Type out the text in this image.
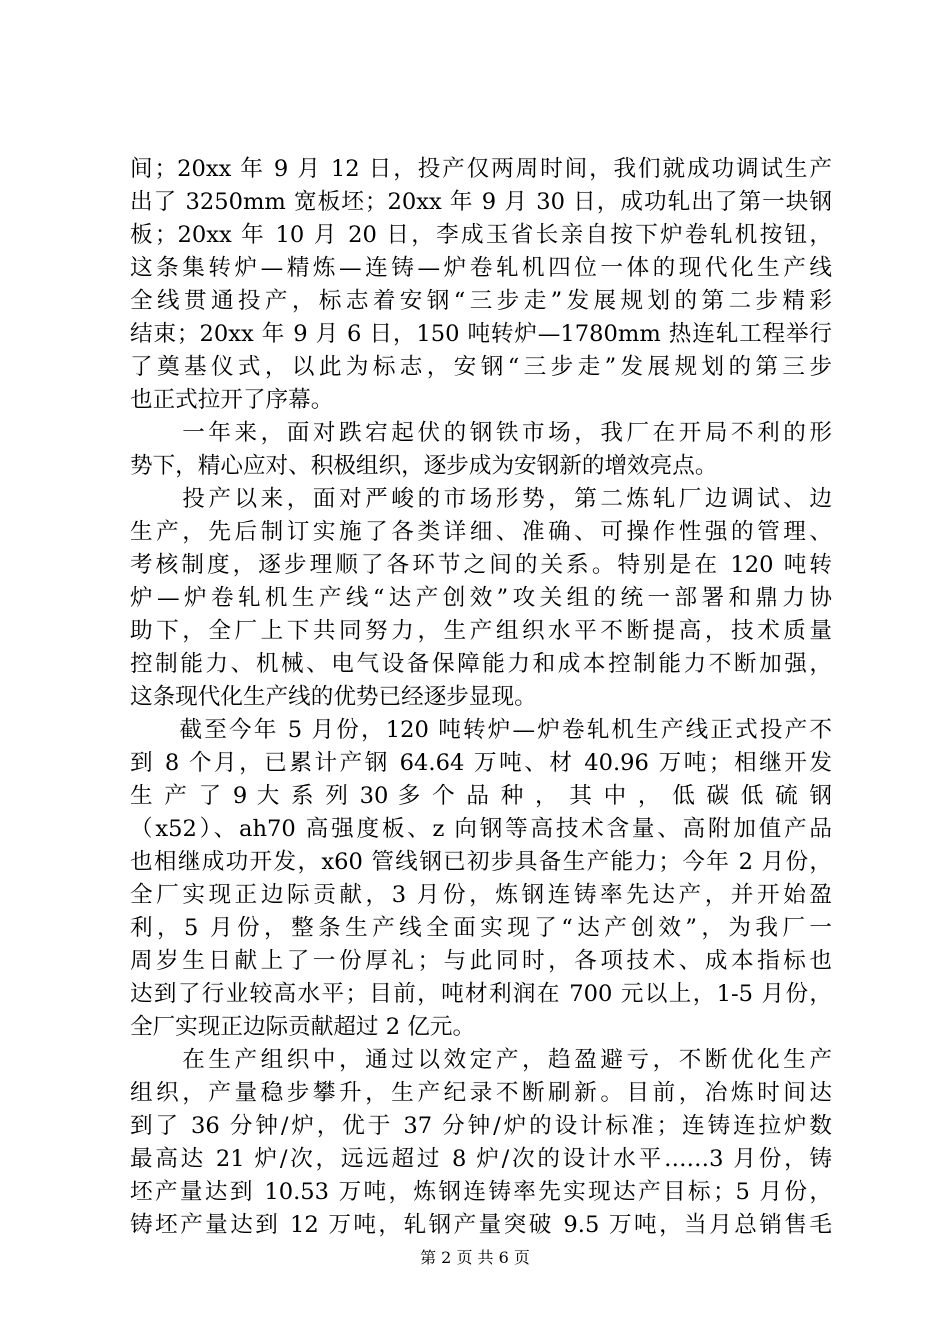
间；20xx 年 9 月 12 日，投产仅两周时间，我们就成功调试生产
出了 3250mm 宽板坯；20xx 年 9 月 30 日，成功轧出了第一块钢
板；20xx 年 10 月 20 日，李成玉省长亲自按下炉卷轧机按钮，
这条集转炉—精炼—连铸—炉卷轧机四位一体的现代化生产线
全线贯通投产，标志着安钢“三步走”发展规划的第二步精彩
结束；20xx 年 9 月 6 日，150 吨转炉—1780mm 热连轧工程举行
了奠基仪式，以此为标志，安钢“三步走”发展规划的第三步
也正式拉开了序幕。
　　一年来，面对跌宕起伏的钢铁市场，我厂在开局不利的形
势下，精心应对、积极组织，逐步成为安钢新的增效亮点。
　　投产以来，面对严峻的市场形势，第二炼轧厂边调试、边
生产，先后制订实施了各类详细、准确、可操作性强的管理、
考核制度，逐步理顺了各环节之间的关系。特别是在 120 吨转
炉—炉卷轧机生产线“达产创效”攻关组的统一部署和鼎力协
助下，全厂上下共同努力，生产组织水平不断提高，技术质量
控制能力、机械、电气设备保障能力和成本控制能力不断加强，
这条现代化生产线的优势已经逐步显现。
　　截至今年 5 月份，120 吨转炉—炉卷轧机生产线正式投产不
到 8 个月，已累计产钢 64.64 万吨、材 40.96 万吨；相继开发
生 产 了 9 大 系 列 30 多 个 品 种 ， 其 中 ， 低 碳 低 硫 钢
（x52）、ah70 高强度板、z 向钢等高技术含量、高附加值产品
也相继成功开发，x60 管线钢已初步具备生产能力；今年 2 月份，
全厂实现正边际贡献，3 月份，炼钢连铸率先达产，并开始盈
利，5 月份，整条生产线全面实现了“达产创效”，为我厂一
周岁生日献上了一份厚礼；与此同时，各项技术、成本指标也
达到了行业较高水平；目前，吨材利润在 700 元以上，1-5 月份，
全厂实现正边际贡献超过 2 亿元。
　　在生产组织中，通过以效定产，趋盈避亏，不断优化生产
组织，产量稳步攀升，生产纪录不断刷新。目前，冶炼时间达
到了 36 分钟/炉，优于 37 分钟/炉的设计标准；连铸连拉炉数
最高达 21 炉/次，远远超过 8 炉/次的设计水平……3 月份，铸
坯产量达到 10.53 万吨，炼钢连铸率先实现达产目标；5 月份，
铸坯产量达到 12 万吨，轧钢产量突破 9.5 万吨，当月总销售毛
第 2 页 共 6 页
